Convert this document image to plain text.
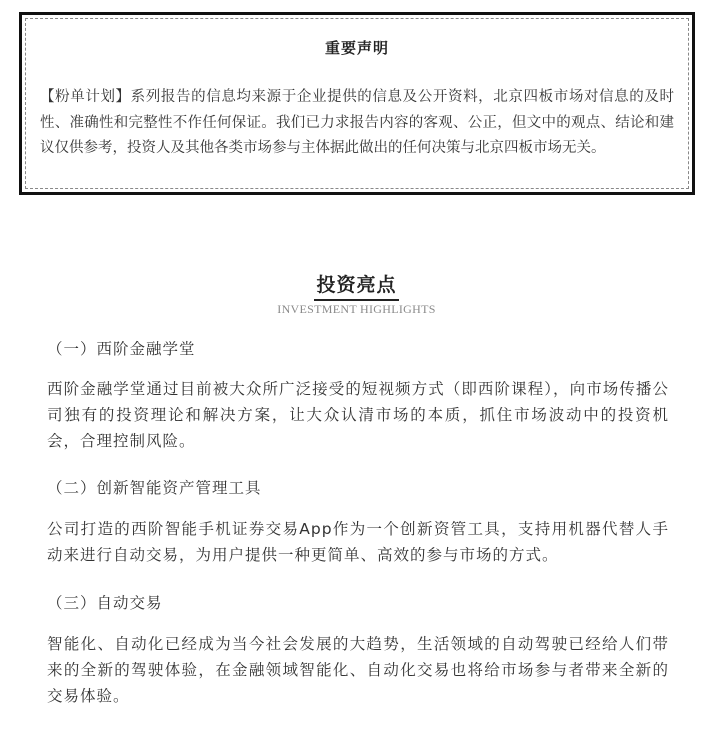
重要声明
【粉单计划】系列报告的信息均来源于企业提供的信息及公开资料，北京四板市场对信息的及时性、准确性和完整性不作任何保证。我们已力求报告内容的客观、公正，但文中的观点、结论和建议仅供参考，投资人及其他各类市场参与主体据此做出的任何决策与北京四板市场无关。
投资亮点
INVESTMENT HIGHLIGHTS
（一）西阶金融学堂
西阶金融学堂通过目前被大众所广泛接受的短视频方式（即西阶课程），向市场传播公司独有的投资理论和解决方案，让大众认清市场的本质，抓住市场波动中的投资机会，合理控制风险。
（二）创新智能资产管理工具
公司打造的西阶智能手机证券交易App作为一个创新资管工具，支持用机器代替人手动来进行自动交易，为用户提供一种更简单、高效的参与市场的方式。
（三）自动交易
智能化、自动化已经成为当今社会发展的大趋势，生活领域的自动驾驶已经给人们带来的全新的驾驶体验，在金融领域智能化、自动化交易也将给市场参与者带来全新的交易体验。
